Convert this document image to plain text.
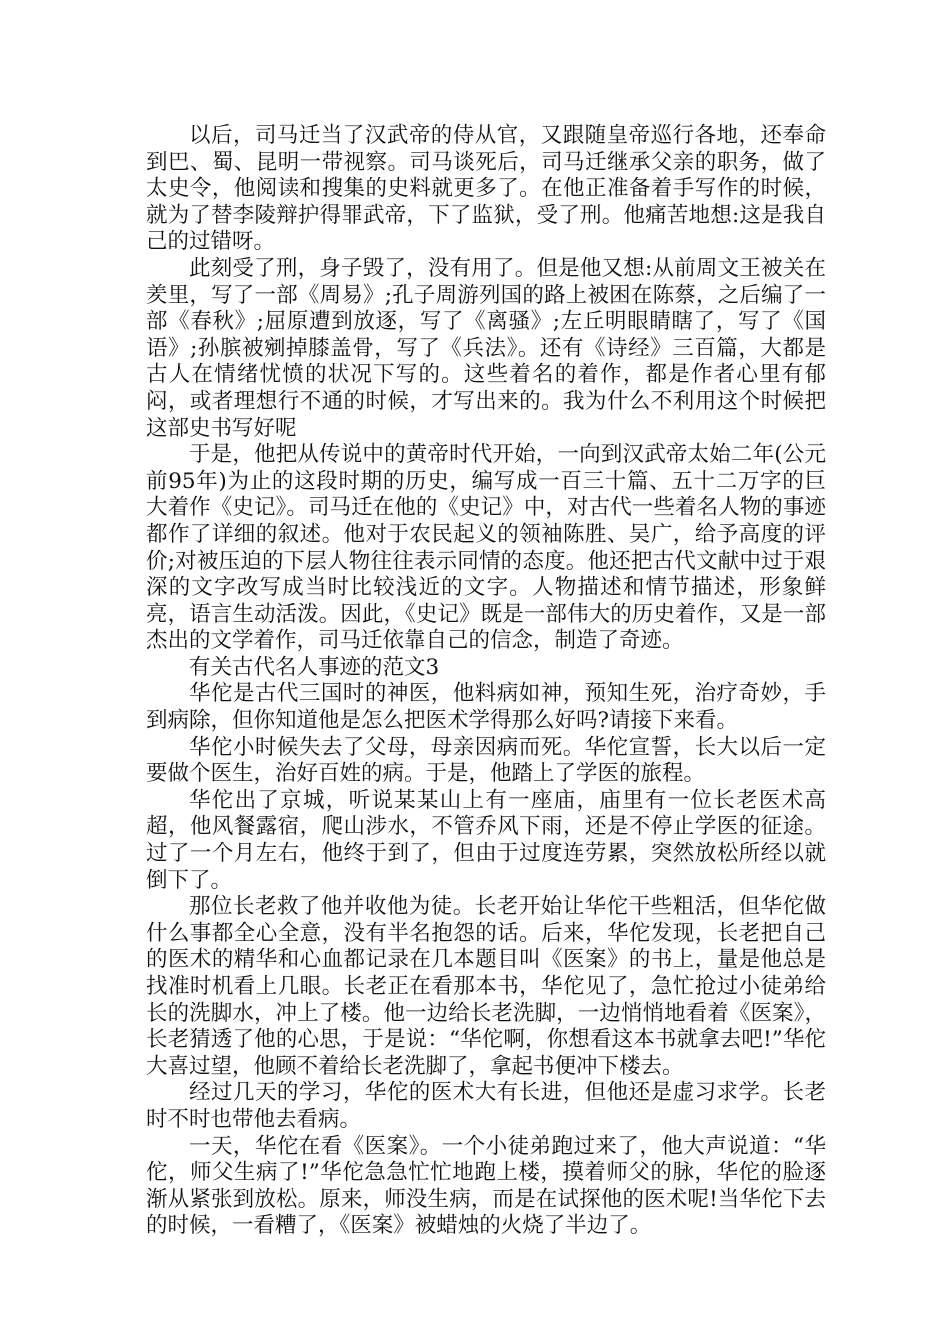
以后，司马迁当了汉武帝的侍从官，又跟随皇帝巡行各地，还奉命到巴、蜀、昆明一带视察。司马谈死后，司马迁继承父亲的职务，做了太史令，他阅读和搜集的史料就更多了。在他正准备着手写作的时候，就为了替李陵辩护得罪武帝，下了监狱，受了刑。他痛苦地想:这是我自己的过错呀。

此刻受了刑，身子毁了，没有用了。但是他又想:从前周文王被关在羑里，写了一部《周易》;孔子周游列国的路上被困在陈蔡，之后编了一部《春秋》;屈原遭到放逐，写了《离骚》;左丘明眼睛瞎了，写了《国语》;孙膑被剜掉膝盖骨，写了《兵法》。还有《诗经》三百篇，大都是古人在情绪忧愤的状况下写的。这些着名的着作，都是作者心里有郁闷，或者理想行不通的时候，才写出来的。我为什么不利用这个时候把这部史书写好呢

于是，他把从传说中的黄帝时代开始，一向到汉武帝太始二年(公元前95年)为止的这段时期的历史，编写成一百三十篇、五十二万字的巨大着作《史记》。司马迁在他的《史记》中，对古代一些着名人物的事迹都作了详细的叙述。他对于农民起义的领袖陈胜、吴广，给予高度的评价;对被压迫的下层人物往往表示同情的态度。他还把古代文献中过于艰深的文字改写成当时比较浅近的文字。人物描述和情节描述，形象鲜亮，语言生动活泼。因此，《史记》既是一部伟大的历史着作，又是一部杰出的文学着作，司马迁依靠自己的信念，制造了奇迹。

有关古代名人事迹的范文3

华佗是古代三国时的神医，他料病如神，预知生死，治疗奇妙，手到病除，但你知道他是怎么把医术学得那么好吗?请接下来看。

华佗小时候失去了父母，母亲因病而死。华佗宣誓，长大以后一定要做个医生，治好百姓的病。于是，他踏上了学医的旅程。

华佗出了京城，听说某某山上有一座庙，庙里有一位长老医术高超，他风餐露宿，爬山涉水，不管乔风下雨，还是不停止学医的征途。过了一个月左右，他终于到了，但由于过度连劳累，突然放松所经以就倒下了。

那位长老救了他并收他为徒。长老开始让华佗干些粗活，但华佗做什么事都全心全意，没有半名抱怨的话。后来，华佗发现，长老把自己的医术的精华和心血都记录在几本题目叫《医案》的书上，量是他总是找准时机看上几眼。长老正在看那本书，华佗见了，急忙抢过小徒弟给长的洗脚水，冲上了楼。他一边给长老洗脚，一边悄悄地看着《医案》，长老猜透了他的心思，于是说：“华佗啊，你想看这本书就拿去吧!”华佗大喜过望，他顾不着给长老洗脚了，拿起书便冲下楼去。

经过几天的学习，华佗的医术大有长进，但他还是虚习求学。长老时不时也带他去看病。

一天，华佗在看《医案》。一个小徒弟跑过来了，他大声说道：“华佗，师父生病了!”华佗急急忙忙地跑上楼，摸着师父的脉，华佗的脸逐渐从紧张到放松。原来，师没生病，而是在试探他的医术呢!当华佗下去的时候，一看糟了，《医案》被蜡烛的火烧了半边了。
